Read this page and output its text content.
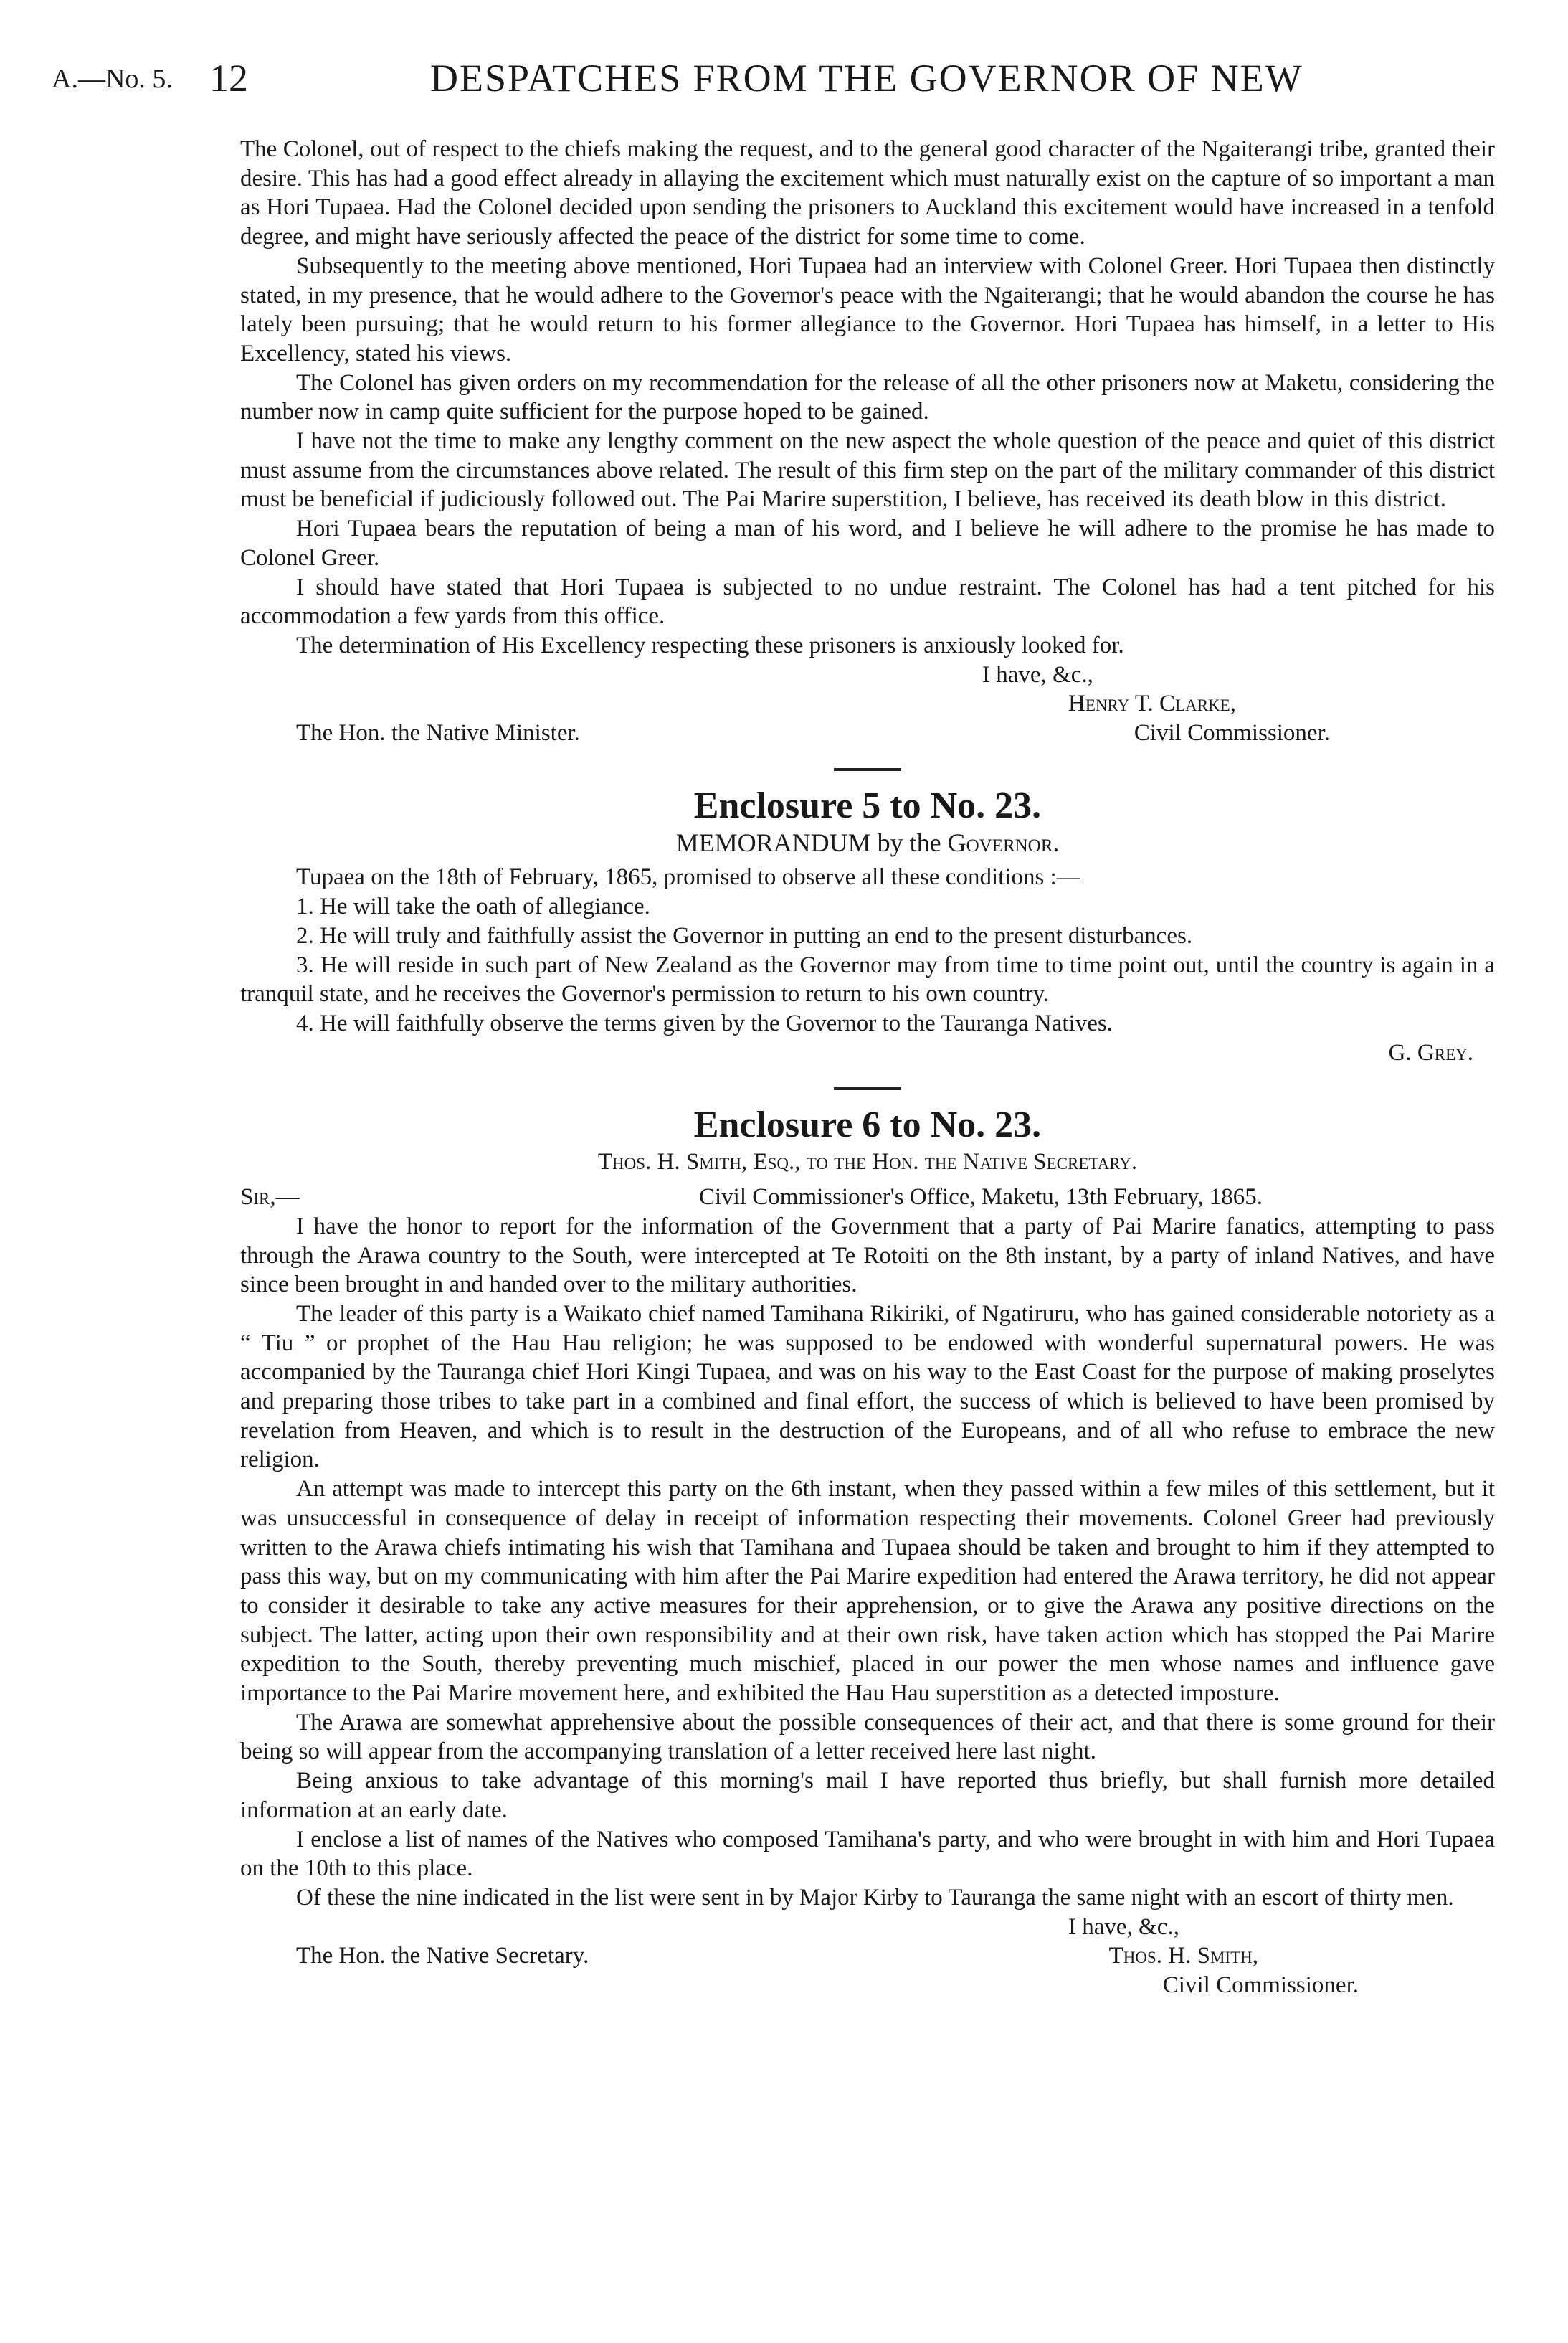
A.—No. 5. 12	DESPATCHES FROM THE GOVERNOR OF NEW

The Colonel, out of respect to the chiefs making the request, and to the general good character of the Ngaiterangi tribe, granted their desire. This has had a good effect already in allaying the excitement which must naturally exist on the capture of so important a man as Hori Tupaea. Had the Colonel decided upon sending the prisoners to Auckland this excitement would have increased in a tenfold degree, and might have seriously affected the peace of the district for some time to come.

Subsequently to the meeting above mentioned, Hori Tupaea had an interview with Colonel Greer. Hori Tupaea then distinctly stated, in my presence, that he would adhere to the Governor's peace with the Ngaiterangi; that he would abandon the course he has lately been pursuing; that he would return to his former allegiance to the Governor. Hori Tupaea has himself, in a letter to His Excellency, stated his views.

The Colonel has given orders on my recommendation for the release of all the other prisoners now at Maketu, considering the number now in camp quite sufficient for the purpose hoped to be gained.

I have not the time to make any lengthy comment on the new aspect the whole question of the peace and quiet of this district must assume from the circumstances above related. The result of this firm step on the part of the military commander of this district must be beneficial if judiciously followed out. The Pai Marire superstition, I believe, has received its death blow in this district.

Hori Tupaea bears the reputation of being a man of his word, and I believe he will adhere to the promise he has made to Colonel Greer.

I should have stated that Hori Tupaea is subjected to no undue restraint. The Colonel has had a tent pitched for his accommodation a few yards from this office.

The determination of His Excellency respecting these prisoners is anxiously looked for.

I have, &c.,

Henry T. Clarke,

The Hon. the Native Minister.	Civil Commissioner.
Enclosure 5 to No. 23.

MEMORANDUM by the Governor.

Tupaea on the 18th of February, 1865, promised to observe all these conditions :—

1. He will take the oath of allegiance.

2. He will truly and faithfully assist the Governor in putting an end to the present disturbances.

3. He will reside in such part of New Zealand as the Governor may from time to time point out, until the country is again in a tranquil state, and he receives the Governor's permission to return to his own country.

4. He will faithfully observe the terms given by the Governor to the Tauranga Natives.

G. Grey.

Enclosure 6 to No. 23.

Thos. H. Smith, Esq., to the Hon. the Native Secretary.

Sir,—	Civil Commissioner's Office, Maketu, 13th February, 1865.

I have the honor to report for the information of the Government that a party of Pai Marire fanatics, attempting to pass through the Arawa country to the South, were intercepted at Te Rotoiti on the 8th instant, by a party of inland Natives, and have since been brought in and handed over to the military authorities.

The leader of this party is a Waikato chief named Tamihana Rikiriki, of Ngatiruru, who has gained considerable notoriety as a “ Tiu ” or prophet of the Hau Hau religion; he was supposed to be endowed with wonderful supernatural powers. He was accompanied by the Tauranga chief Hori Kingi Tupaea, and was on his way to the East Coast for the purpose of making proselytes and preparing those tribes to take part in a combined and final effort, the success of which is believed to have been promised by revelation from Heaven, and which is to result in the destruction of the Europeans, and of all who refuse to embrace the new religion.

An attempt was made to intercept this party on the 6th instant, when they passed within a few miles of this settlement, but it was unsuccessful in consequence of delay in receipt of information respecting their movements. Colonel Greer had previously written to the Arawa chiefs intimating his wish that Tamihana and Tupaea should be taken and brought to him if they attempted to pass this way, but on my communicating with him after the Pai Marire expedition had entered the Arawa territory, he did not appear to consider it desirable to take any active measures for their apprehension, or to give the Arawa any positive directions on the subject. The latter, acting upon their own responsibility and at their own risk, have taken action which has stopped the Pai Marire expedition to the South, thereby preventing much mischief, placed in our power the men whose names and influence gave importance to the Pai Marire movement here, and exhibited the Hau Hau superstition as a detected imposture.

The Arawa are somewhat apprehensive about the possible consequences of their act, and that there is some ground for their being so will appear from the accompanying translation of a letter received here last night.

Being anxious to take advantage of this morning's mail I have reported thus briefly, but shall furnish more detailed information at an early date.

I enclose a list of names of the Natives who composed Tamihana's party, and who were brought in with him and Hori Tupaea on the 10th to this place.

Of these the nine indicated in the list were sent in by Major Kirby to Tauranga the same night with an escort of thirty men.

I have, &c.,

The Hon. the Native Secretary.	Thos. H. Smith,

Civil Commissioner.
